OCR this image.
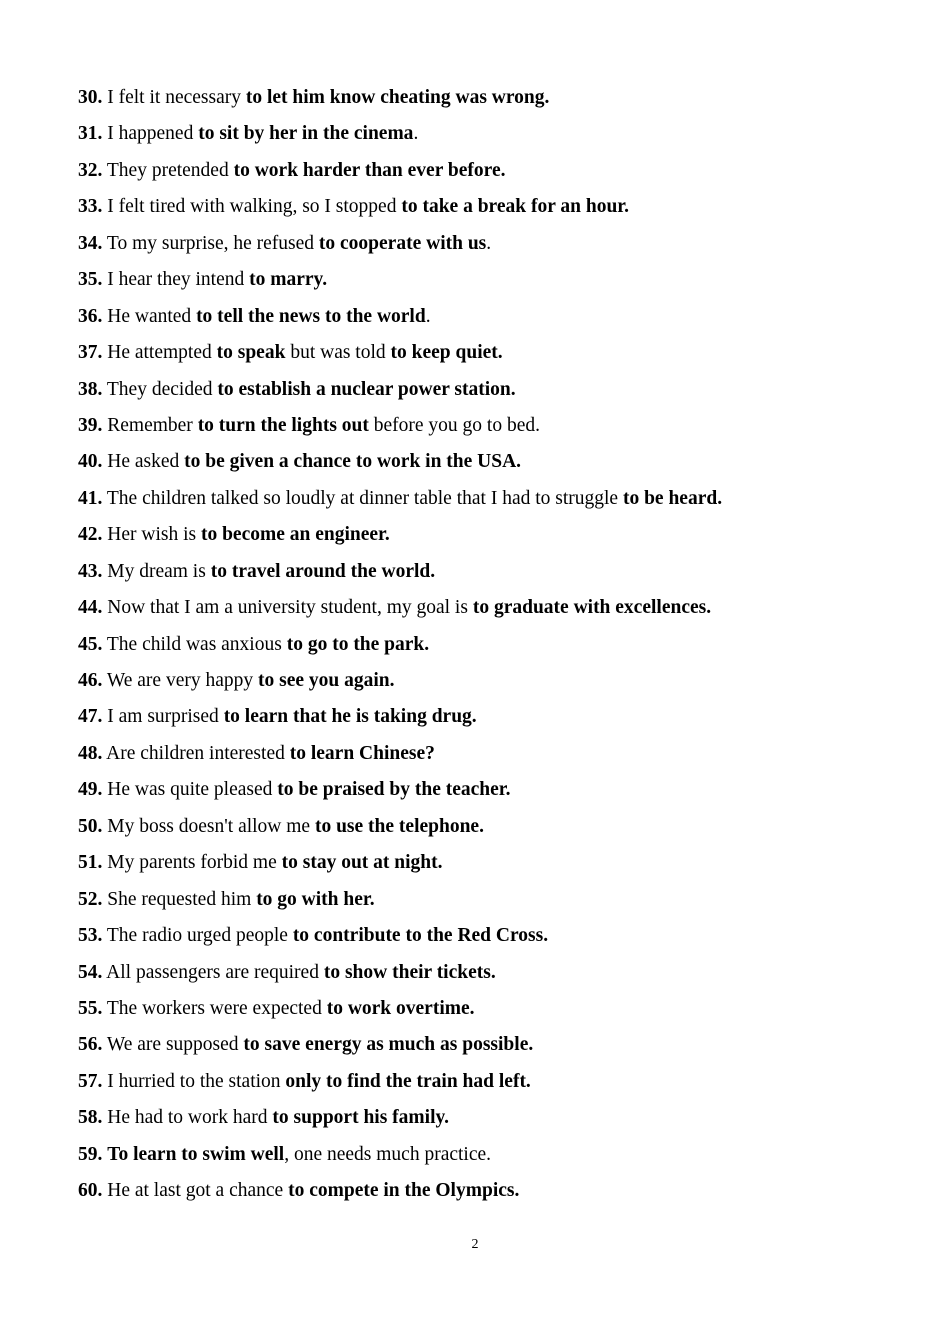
30. I felt it necessary to let him know cheating was wrong.
31. I happened to sit by her in the cinema.
32. They pretended to work harder than ever before.
33. I felt tired with walking, so I stopped to take a break for an hour.
34. To my surprise, he refused to cooperate with us.
35. I hear they intend to marry.
36. He wanted to tell the news to the world.
37. He attempted to speak but was told to keep quiet.
38. They decided to establish a nuclear power station.
39. Remember to turn the lights out before you go to bed.
40. He asked to be given a chance to work in the USA.
41. The children talked so loudly at dinner table that I had to struggle to be heard.
42. Her wish is to become an engineer.
43. My dream is to travel around the world.
44. Now that I am a university student, my goal is to graduate with excellences.
45. The child was anxious to go to the park.
46. We are very happy to see you again.
47. I am surprised to learn that he is taking drug.
48. Are children interested to learn Chinese?
49. He was quite pleased to be praised by the teacher.
50. My boss doesn't allow me to use the telephone.
51. My parents forbid me to stay out at night.
52. She requested him to go with her.
53. The radio urged people to contribute to the Red Cross.
54. All passengers are required to show their tickets.
55. The workers were expected to work overtime.
56. We are supposed to save energy as much as possible.
57. I hurried to the station only to find the train had left.
58. He had to work hard to support his family.
59. To learn to swim well, one needs much practice.
60. He at last got a chance to compete in the Olympics.
2
